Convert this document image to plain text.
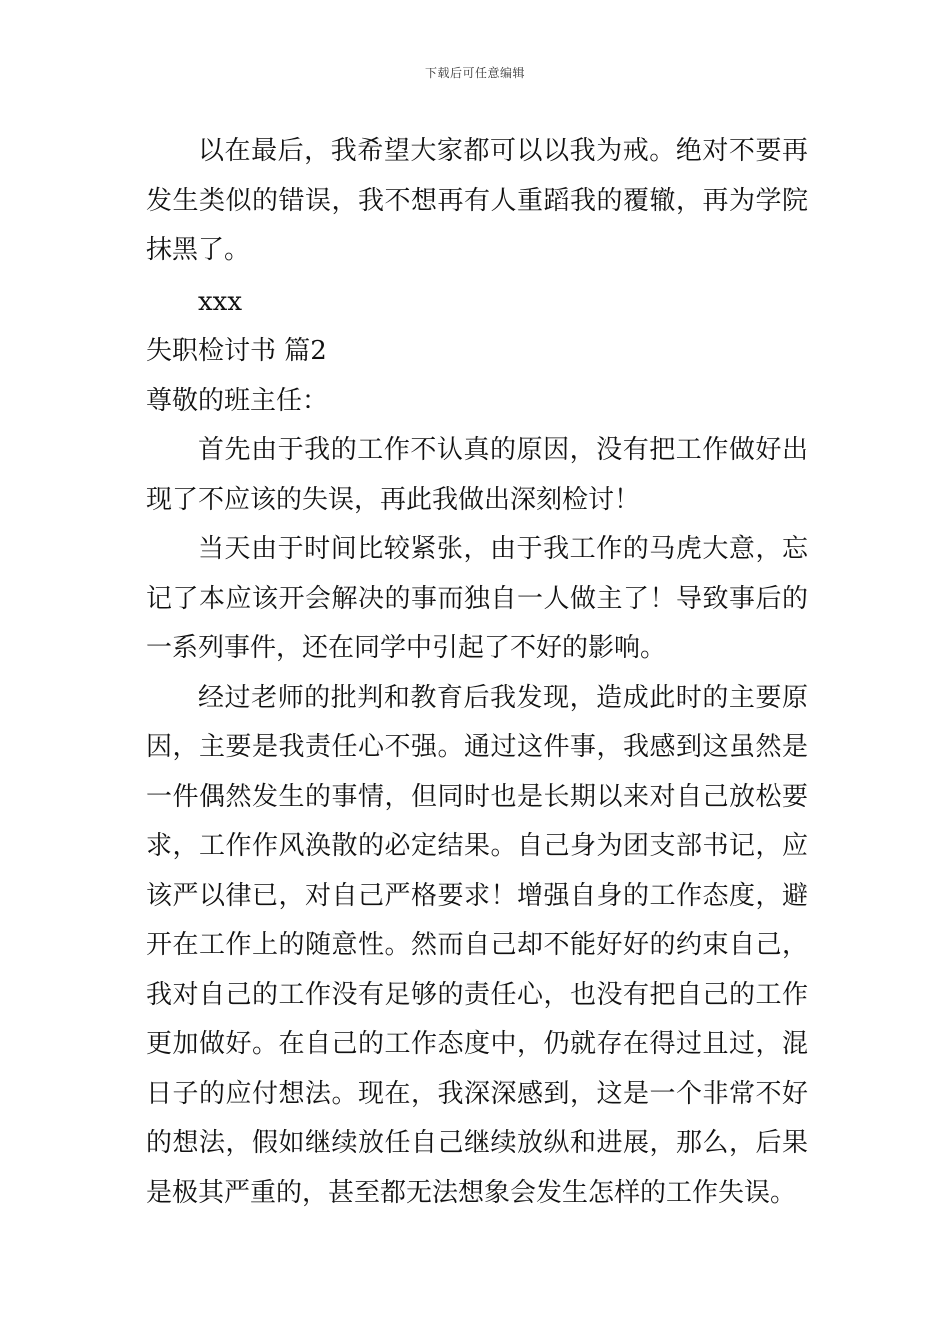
下载后可任意编辑

以在最后，我希望大家都可以以我为戒。绝对不要再发生类似的错误，我不想再有人重蹈我的覆辙，再为学院抹黑了。

xxx

失职检讨书 篇2

尊敬的班主任：

首先由于我的工作不认真的原因，没有把工作做好出现了不应该的失误，再此我做出深刻检讨！

当天由于时间比较紧张，由于我工作的马虎大意，忘记了本应该开会解决的事而独自一人做主了！导致事后的一系列事件，还在同学中引起了不好的影响。

经过老师的批判和教育后我发现，造成此时的主要原因，主要是我责任心不强。通过这件事，我感到这虽然是一件偶然发生的事情，但同时也是长期以来对自己放松要求，工作作风涣散的必定结果。自己身为团支部书记，应该严以律已，对自己严格要求！增强自身的工作态度，避开在工作上的随意性。然而自己却不能好好的约束自己，我对自己的工作没有足够的责任心，也没有把自己的工作更加做好。在自己的工作态度中，仍就存在得过且过，混日子的应付想法。现在，我深深感到，这是一个非常不好的想法，假如继续放任自己继续放纵和进展，那么，后果是极其严重的，甚至都无法想象会发生怎样的工作失误。
